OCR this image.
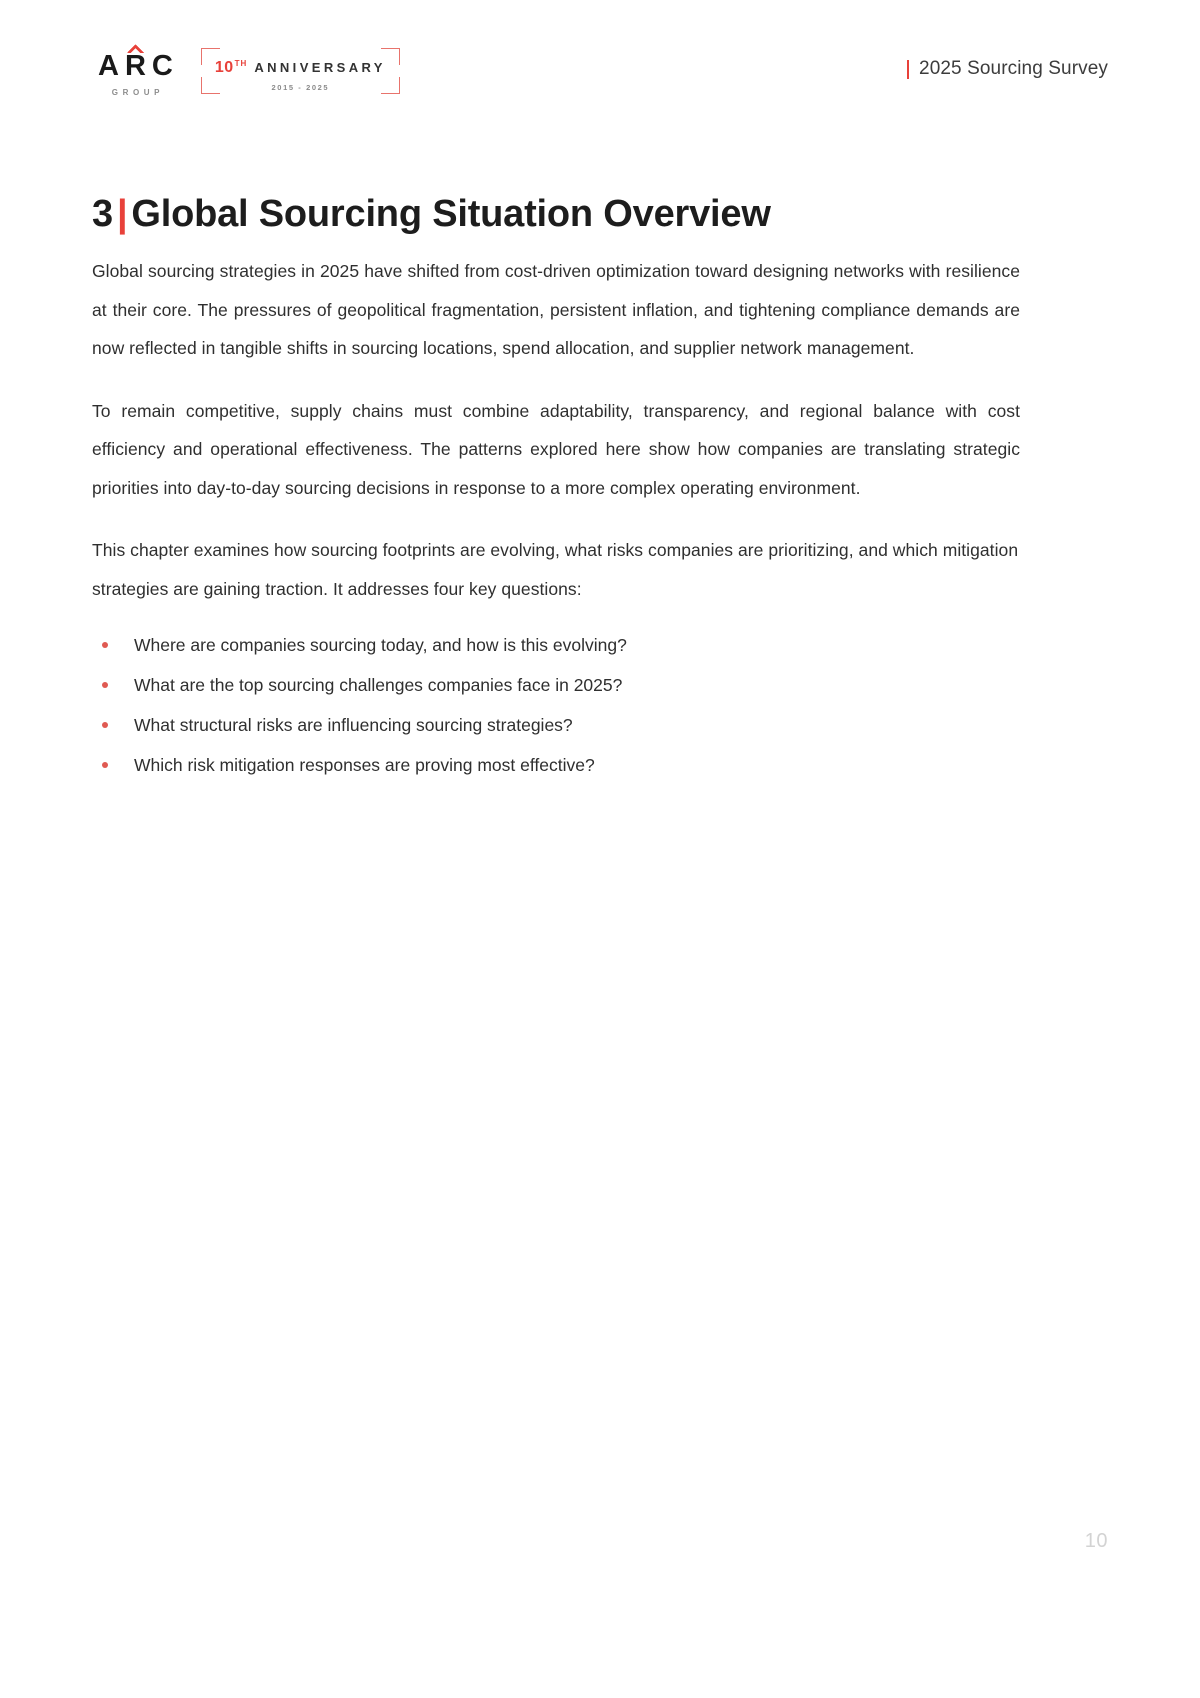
ARC
GROUP
10 TH ANNIVERSARY
2015 - 2025
2025 Sourcing Survey
3 | Global Sourcing Situation Overview

Global sourcing strategies in 2025 have shifted from cost-driven optimization toward designing networks with resilience at their core. The pressures of geopolitical fragmentation, persistent inflation, and tightening compliance demands are now reflected in tangible shifts in sourcing locations, spend allocation, and supplier network management.

To remain competitive, supply chains must combine adaptability, transparency, and regional balance with cost efficiency and operational effectiveness. The patterns explored here show how companies are translating strategic priorities into day-to-day sourcing decisions in response to a more complex operating environment.

This chapter examines how sourcing footprints are evolving, what risks companies are prioritizing, and which mitigation strategies are gaining traction. It addresses four key questions:

Where are companies sourcing today, and how is this evolving?
What are the top sourcing challenges companies face in 2025?
What structural risks are influencing sourcing strategies?
Which risk mitigation responses are proving most effective?
10
